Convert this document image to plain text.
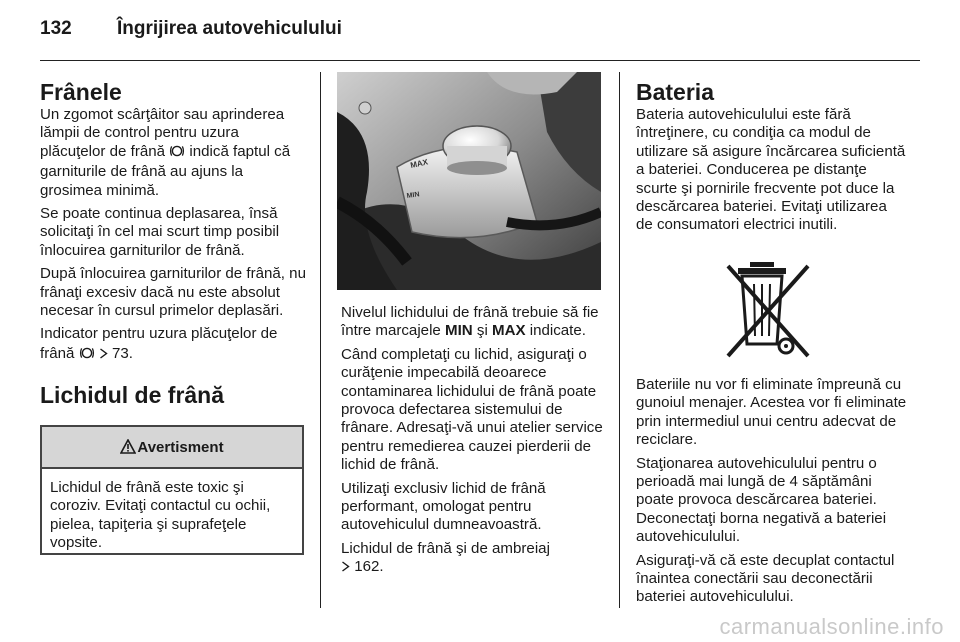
132 Îngrijirea autovehiculului
Frânele

Un zgomot scârţâitor sau aprinderea lămpii de control pentru uzura plăcuţelor de frână  indică faptul că garniturile de frână au ajuns la grosimea minimă.

Se poate continua deplasarea, însă solicitaţi în cel mai scurt timp posibil înlocuirea garniturilor de frână.

După înlocuirea garniturilor de frână, nu frânaţi excesiv dacă nu este absolut necesar în cursul primelor deplasări.

Indicator pentru uzura plăcuţelor de frână   73.

Lichidul de frână
Avertisment
Lichidul de frână este toxic şi coroziv. Evitaţi contactul cu ochii, pielea, tapiţeria şi suprafeţele vopsite.
MAX
MIN

Nivelul lichidului de frână trebuie să fie între marcajele MIN şi MAX indicate.

Când completaţi cu lichid, asiguraţi o curăţenie impecabilă deoarece contaminarea lichidului de frână poate provoca defectarea sistemului de frânare. Adresaţi-vă unui atelier service pentru remedierea cauzei pierderii de lichid de frână.

Utilizaţi exclusiv lichid de frână performant, omologat pentru autovehiculul dumneavoastră.

Lichidul de frână şi de ambreiaj
162.

Bateria

Bateria autovehiculului este fără întreţinere, cu condiţia ca modul de utilizare să asigure încărcarea suficientă a bateriei. Conducerea pe distanţe scurte şi pornirile frecvente pot duce la descărcarea bateriei. Evitaţi utilizarea de consumatori electrici inutili.

Bateriile nu vor fi eliminate împreună cu gunoiul menajer. Acestea vor fi eliminate prin intermediul unui centru adecvat de reciclare.

Staţionarea autovehiculului pentru o perioadă mai lungă de 4 săptămâni poate provoca descărcarea bateriei. Deconectaţi borna negativă a bateriei autovehiculului.

Asiguraţi-vă că este decuplat contactul înaintea conectării sau deconectării bateriei autovehiculului.

carmanualsonline.info
